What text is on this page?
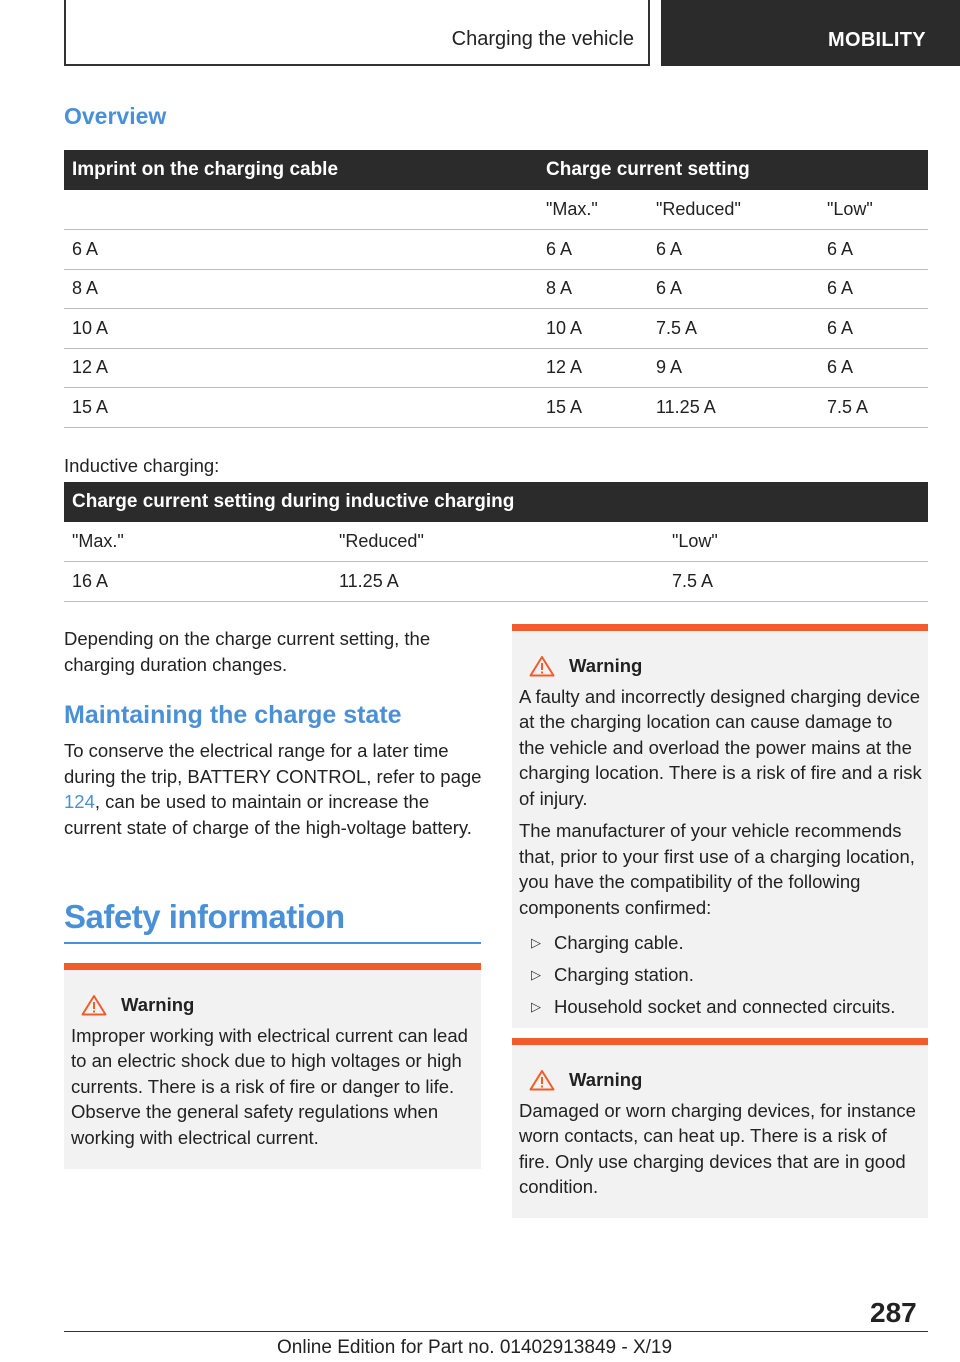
Charging the vehicle	MOBILITY
Overview
Imprint on the charging cable	Charge current setting		
	"Max."	"Reduced"	"Low"
6 A	6 A	6 A	6 A
8 A	8 A	6 A	6 A
10 A	10 A	7.5 A	6 A
12 A	12 A	9 A	6 A
15 A	15 A	11.25 A	7.5 A
Inductive charging:
Charge current setting during inductive charging		
"Max."	"Reduced"	"Low"
16 A	11.25 A	7.5 A
Depending on the charge current setting, the charging duration changes.
Maintaining the charge state
To conserve the electrical range for a later time during the trip, BATTERY CONTROL, refer to page 124, can be used to maintain or increase the current state of charge of the high-voltage battery.
Safety information
Warning

Improper working with electrical current can lead to an electric shock due to high voltages or high currents. There is a risk of fire or danger to life. Observe the general safety regulations when working with electrical current.

Warning

A faulty and incorrectly designed charging device at the charging location can cause damage to the vehicle and overload the power mains at the charging location. There is a risk of fire and a risk of injury.

The manufacturer of your vehicle recommends that, prior to your first use of a charging location, you have the compatibility of the following components confirmed:

▷ Charging cable.
▷ Charging station.
▷ Household socket and connected circuits.
Warning

Damaged or worn charging devices, for instance worn contacts, can heat up. There is a risk of fire. Only use charging devices that are in good condition.

287
Online Edition for Part no. 01402913849 - X/19
